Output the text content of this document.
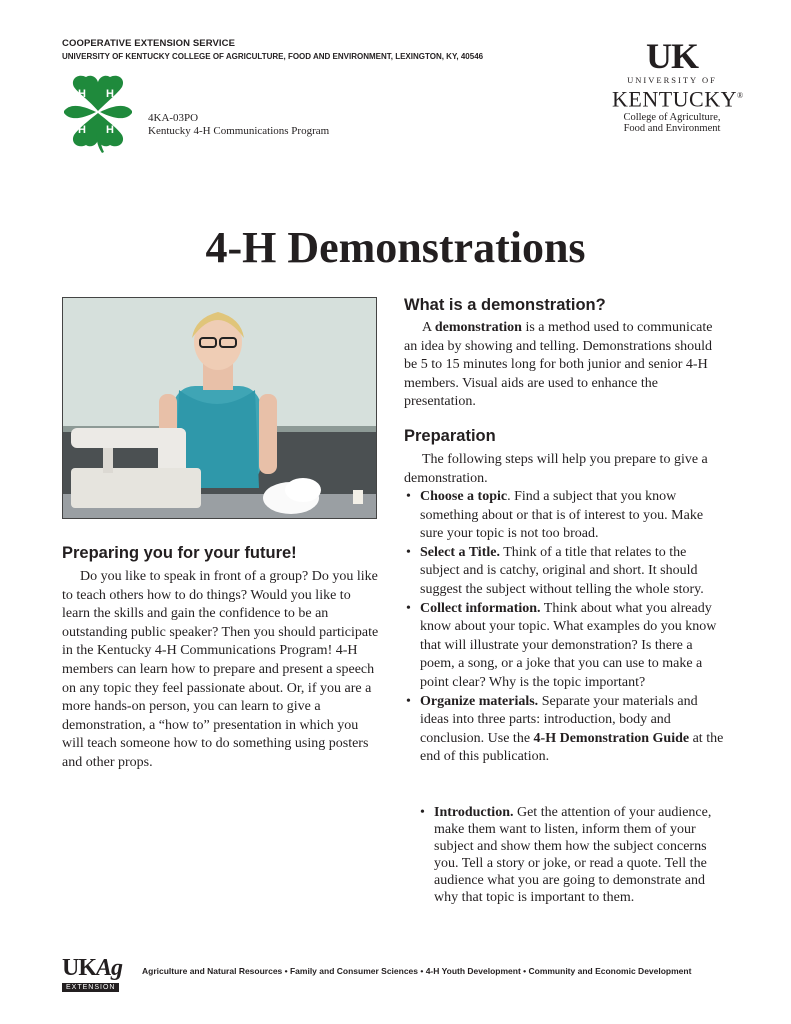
COOPERATIVE EXTENSION SERVICE
UNIVERSITY OF KENTUCKY COLLEGE OF AGRICULTURE, FOOD AND ENVIRONMENT, LEXINGTON, KY, 40546
H H
H H
4KA-03PO
Kentucky 4-H Communications Program
UK
UNIVERSITY OF
KENTUCKY®
College of Agriculture,
Food and Environment
4-H Demonstrations
Preparing you for your future!

Do you like to speak in front of a group? Do you like to teach others how to do things? Would you like to learn the skills and gain the confidence to be an outstanding public speaker? Then you should participate in the Kentucky 4-H Communications Program! 4-H members can learn how to prepare and present a speech on any topic they feel passionate about. Or, if you are a more hands-on person, you can learn to give a demonstration, a “how to” presentation in which you will teach someone how to do something using posters and other props.

What is a demonstration?

A demonstration is a method used to communicate an idea by showing and telling. Demonstrations should be 5 to 15 minutes long for both junior and senior 4-H members. Visual aids are used to enhance the presentation.

Preparation

The following steps will help you prepare to give a demonstration.

• Choose a topic. Find a subject that you know something about or that is of interest to you. Make sure your topic is not too broad.
• Select a Title. Think of a title that relates to the subject and is catchy, original and short. It should suggest the subject without telling the whole story.
• Collect information. Think about what you already know about your topic. What examples do you know that will illustrate your demonstration? Is there a poem, a song, or a joke that you can use to make a point clear? Why is the topic important?
• Organize materials. Separate your materials and ideas into three parts: introduction, body and conclusion. Use the 4-H Demonstration Guide at the end of this publication.
• Introduction. Get the attention of your audience, make them want to listen, inform them of your subject and show them how the subject concerns you. Tell a story or joke, or read a quote. Tell the audience what you are going to demonstrate and why that topic is important to them.
UKAg
EXTENSION
Agriculture and Natural Resources • Family and Consumer Sciences • 4-H Youth Development • Community and Economic Development
